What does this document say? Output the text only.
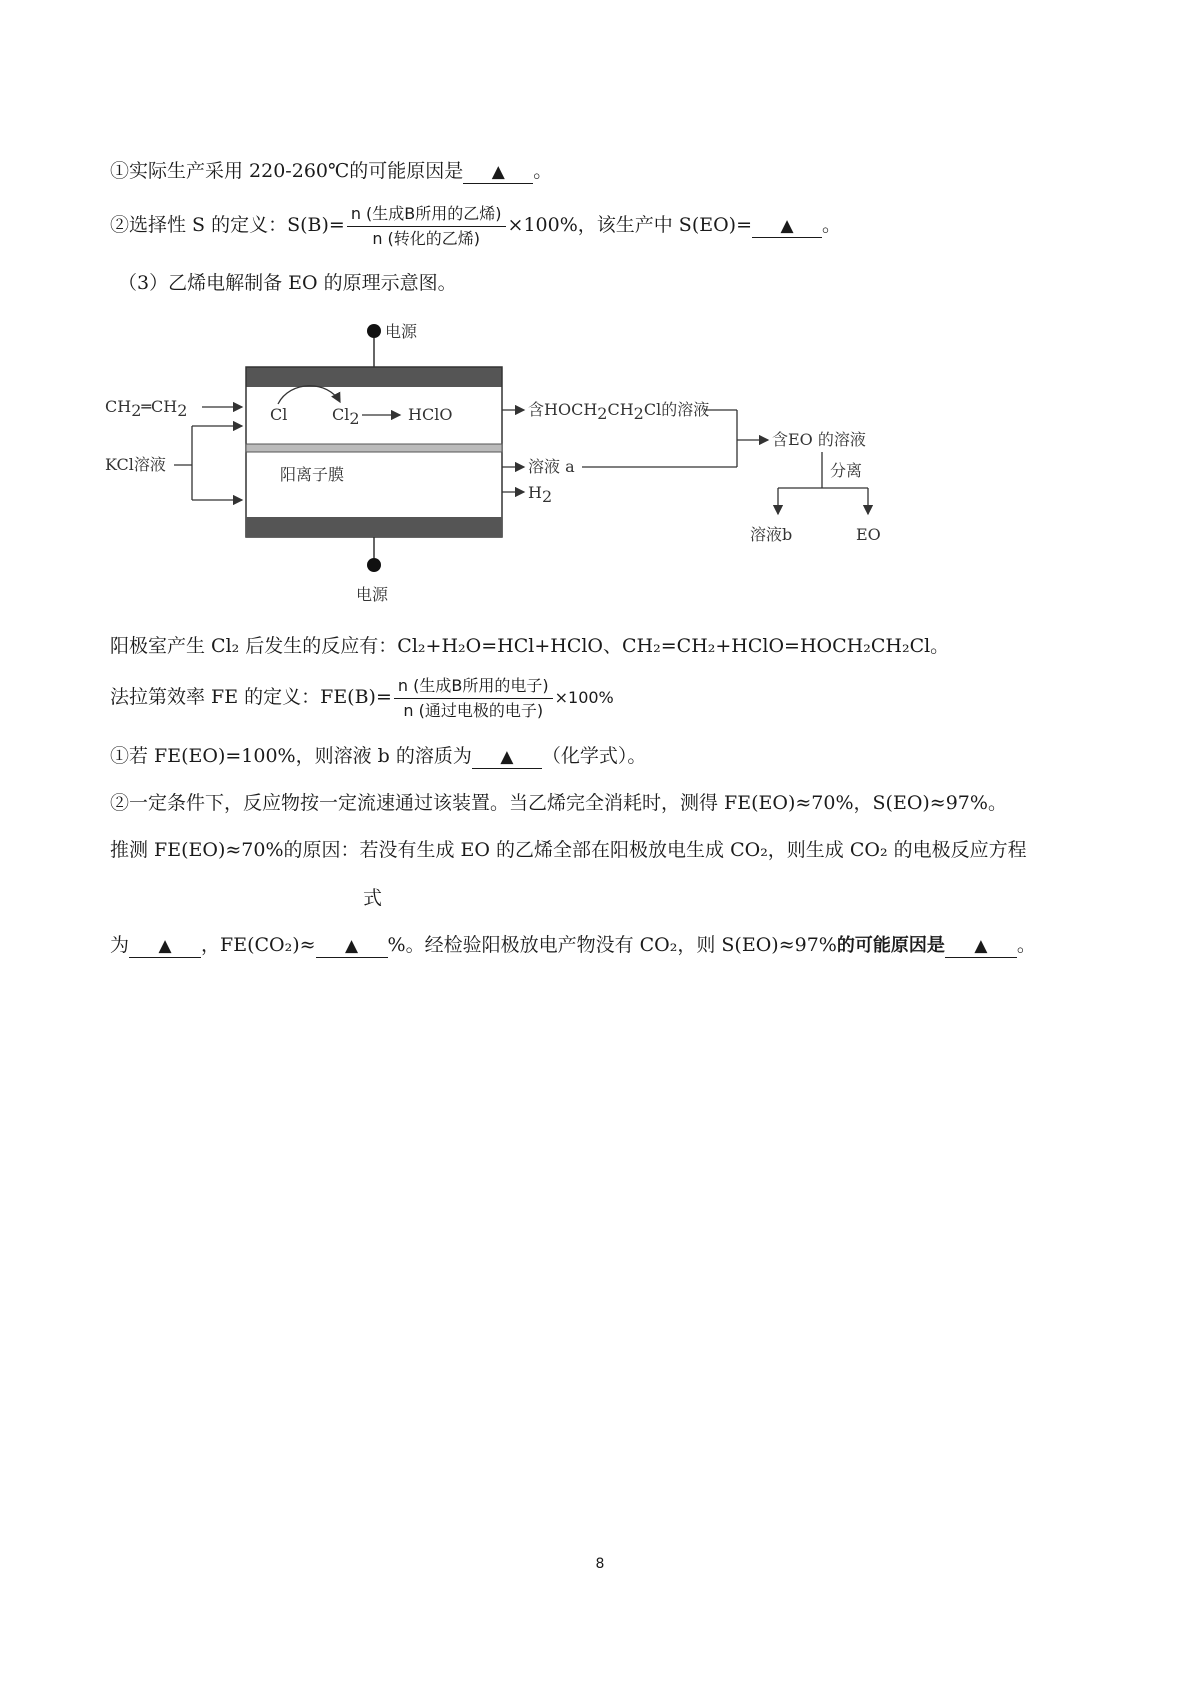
①实际生产采用 220-260℃的可能原因是 ▲ 。
②选择性 S 的定义：$S(B)= \frac{\text{n (生成B所用的乙烯)}}{\text{n (转化的乙烯)}} \times 100\%$，该生产中 S(EO)= ▲ 。
（3）乙烯电解制备 EO 的原理示意图。
电源
电源
Cl	Cl2	HClO
阳离子膜
CH2═CH2
KCl溶液
含HOCH2CH2Cl的溶液
溶液 a
H2
含EO 的溶液
分离
溶液b	EO
阳极室产生 Cl₂ 后发生的反应有：Cl₂+H₂O=HCl+HClO、CH₂=CH₂+HClO=HOCH₂CH₂Cl。
法拉第效率 FE 的定义：$FE(B)= \frac{\text{n (生成B所用的电子)}}{\text{n (通过电极的电子)}} \times 100\%$
①若 FE(EO)=100%，则溶液 b 的溶质为 ▲ （化学式）。
②一定条件下，反应物按一定流速通过该装置。当乙烯完全消耗时，测得 FE(EO)≈70%，S(EO)≈97%。
推测 FE(EO)≈70%的原因：若没有生成 EO 的乙烯全部在阳极放电生成 CO₂，则生成 CO₂ 的电极反应方程
式
为 ▲ ，FE(CO₂)≈ ▲ %。经检验阳极放电产物没有 CO₂，则 S(EO)≈97%的可能原因是 ▲ 。
8
